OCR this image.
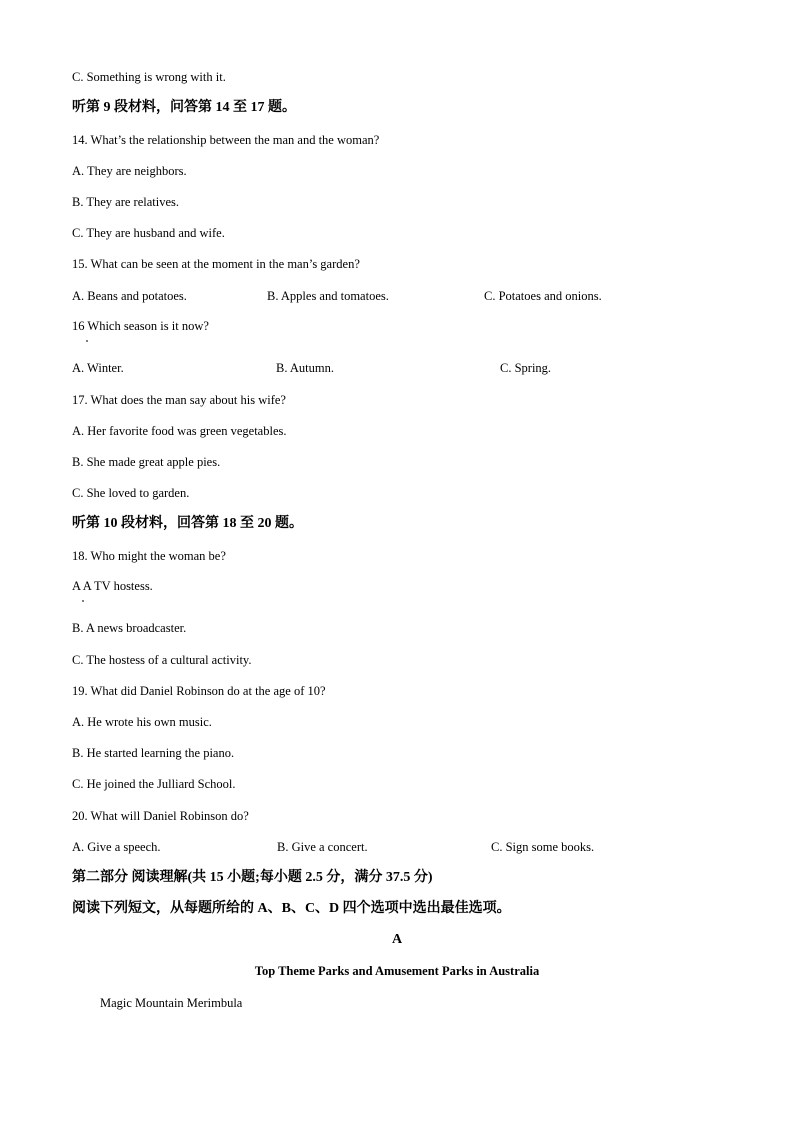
C. Something is wrong with it.
听第 9 段材料，问答第 14 至 17 题。
14. What’s the relationship between the man and the woman?
A. They are neighbors.
B. They are relatives.
C. They are husband and wife.
15. What can be seen at the moment in the man’s garden?
A. Beans and potatoes.	B. Apples and tomatoes.	C. Potatoes and onions.
16 Which season is it now?
A. Winter.	B. Autumn.	C. Spring.
17. What does the man say about his wife?
A. Her favorite food was green vegetables.
B. She made great apple pies.
C. She loved to garden.
听第 10 段材料，回答第 18 至 20 题。
18. Who might the woman be?
A A TV hostess.
B. A news broadcaster.
C. The hostess of a cultural activity.
19. What did Daniel Robinson do at the age of 10?
A. He wrote his own music.
B. He started learning the piano.
C. He joined the Julliard School.
20. What will Daniel Robinson do?
A. Give a speech.	B. Give a concert.	C. Sign some books.
第二部分 阅读理解(共 15 小题;每小题 2.5 分，满分 37.5 分)
阅读下列短文，从每题所给的 A、B、C、D 四个选项中选出最佳选项。
A
Top Theme Parks and Amusement Parks in Australia
Magic Mountain Merimbula
